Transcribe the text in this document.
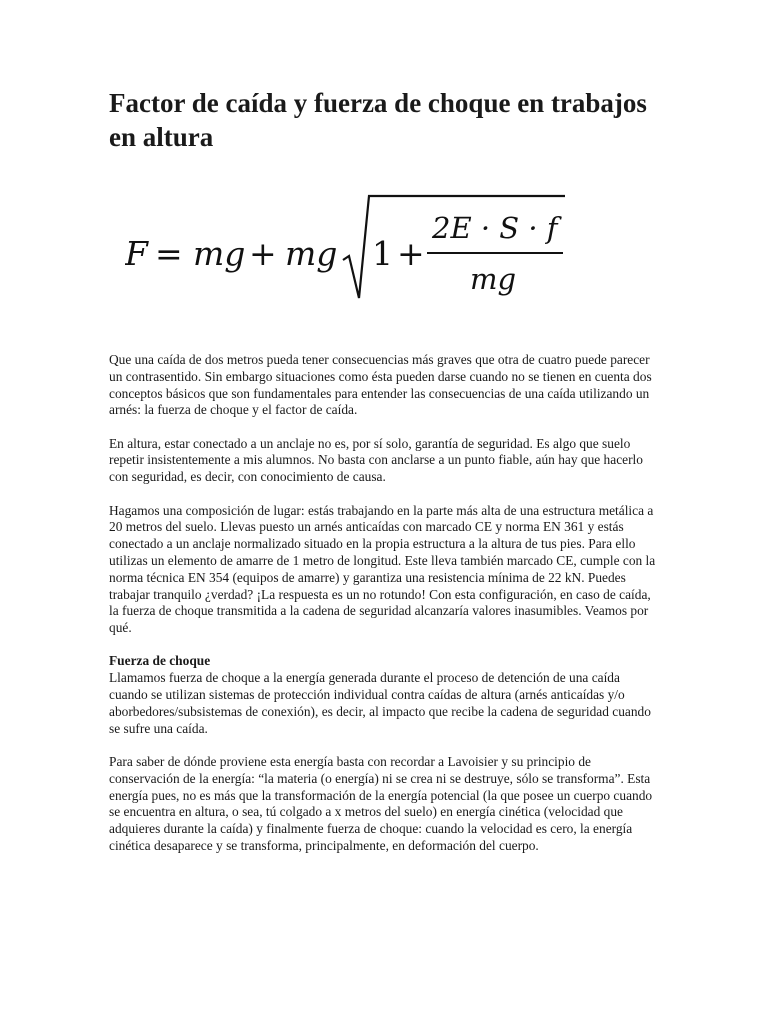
Factor de caída y fuerza de choque en trabajos en altura
F = mg + mg 1 +
2E · S · f
mg

Que una caída de dos metros pueda tener consecuencias más graves que otra de cuatro puede parecer un contrasentido. Sin embargo situaciones como ésta pueden darse cuando no se tienen en cuenta dos conceptos básicos que son fundamentales para entender las consecuencias de una caída utilizando un arnés: la fuerza de choque y el factor de caída.

En altura, estar conectado a un anclaje no es, por sí solo, garantía de seguridad. Es algo que suelo repetir insistentemente a mis alumnos. No basta con anclarse a un punto fiable, aún hay que hacerlo con seguridad, es decir, con conocimiento de causa.

Hagamos una composición de lugar: estás trabajando en la parte más alta de una estructura metálica a 20 metros del suelo. Llevas puesto un arnés anticaídas con marcado CE y norma EN 361 y estás conectado a un anclaje normalizado situado en la propia estructura a la altura de tus pies. Para ello utilizas un elemento de amarre de 1 metro de longitud. Este lleva también marcado CE, cumple con la norma técnica EN 354 (equipos de amarre) y garantiza una resistencia mínima de 22 kN. Puedes trabajar tranquilo ¿verdad? ¡La respuesta es un no rotundo! Con esta configuración, en caso de caída, la fuerza de choque transmitida a la cadena de seguridad alcanzaría valores inasumibles. Veamos por qué.

Fuerza de choque
Llamamos fuerza de choque a la energía generada durante el proceso de detención de una caída cuando se utilizan sistemas de protección individual contra caídas de altura (arnés anticaídas y/o aborbedores/subsistemas de conexión), es decir, al impacto que recibe la cadena de seguridad cuando se sufre una caída.

Para saber de dónde proviene esta energía basta con recordar a Lavoisier y su principio de conservación de la energía: “la materia (o energía) ni se crea ni se destruye, sólo se transforma”. Esta energía pues, no es más que la transformación de la energía potencial (la que posee un cuerpo cuando se encuentra en altura, o sea, tú colgado a x metros del suelo) en energía cinética (velocidad que adquieres durante la caída) y finalmente fuerza de choque: cuando la velocidad es cero, la energía cinética desaparece y se transforma, principalmente, en deformación del cuerpo.
